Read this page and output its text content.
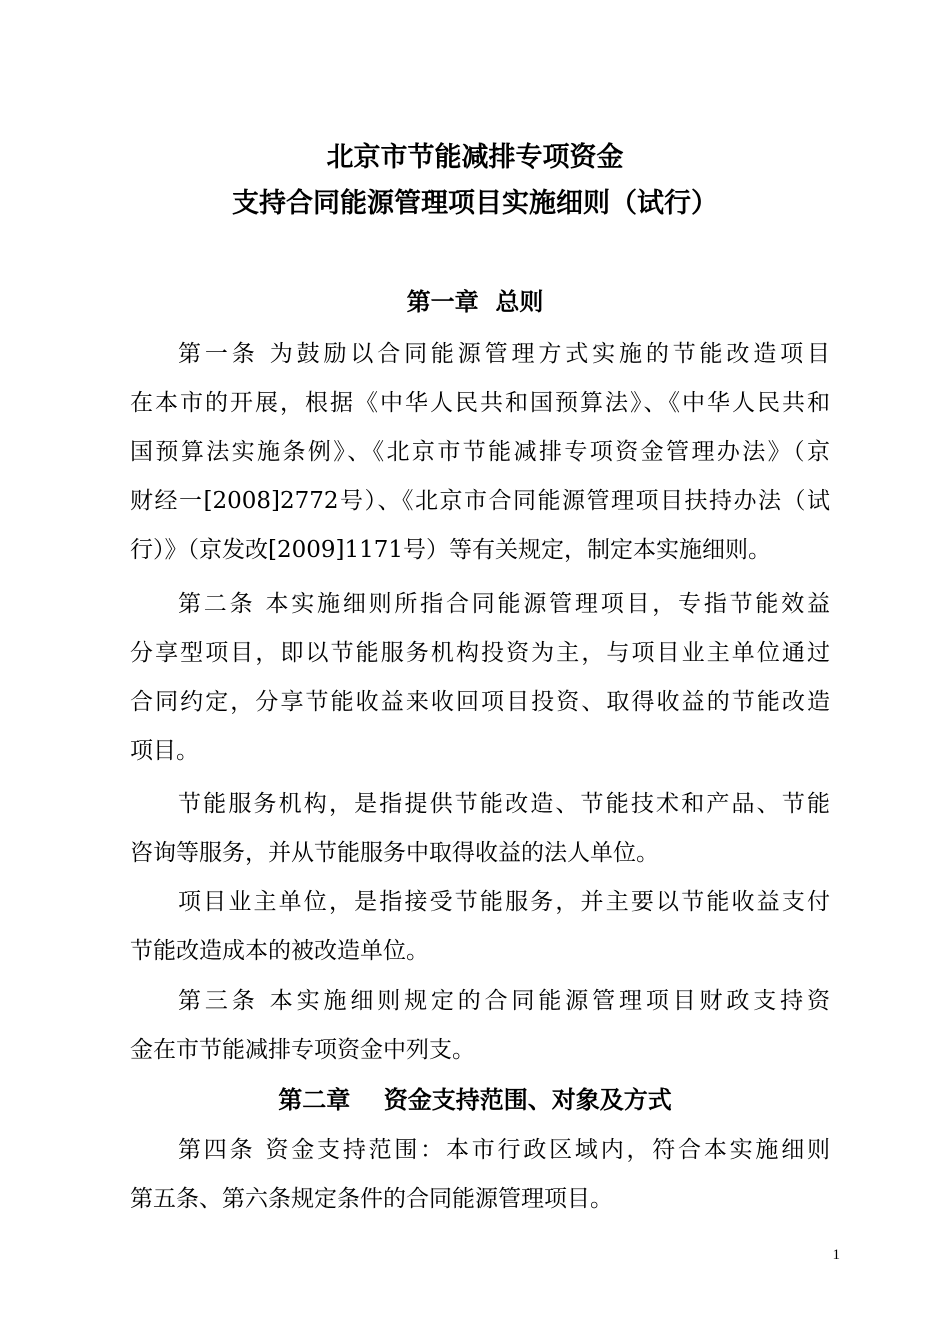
北京市节能减排专项资金
支持合同能源管理项目实施细则（试行）
第一章  总则
第一条 为鼓励以合同能源管理方式实施的节能改造项目
在本市的开展，根据《中华人民共和国预算法》、《中华人民共和
国预算法实施条例》、《北京市节能减排专项资金管理办法》（京
财经一[2008]2772号）、《北京市合同能源管理项目扶持办法（试
行）》（京发改[2009]1171号）等有关规定，制定本实施细则。
第二条 本实施细则所指合同能源管理项目，专指节能效益
分享型项目，即以节能服务机构投资为主，与项目业主单位通过
合同约定，分享节能收益来收回项目投资、取得收益的节能改造
项目。
节能服务机构，是指提供节能改造、节能技术和产品、节能
咨询等服务，并从节能服务中取得收益的法人单位。
项目业主单位，是指接受节能服务，并主要以节能收益支付
节能改造成本的被改造单位。
第三条 本实施细则规定的合同能源管理项目财政支持资
金在市节能减排专项资金中列支。
第二章    资金支持范围、对象及方式
第四条 资金支持范围：本市行政区域内，符合本实施细则
第五条、第六条规定条件的合同能源管理项目。
1
